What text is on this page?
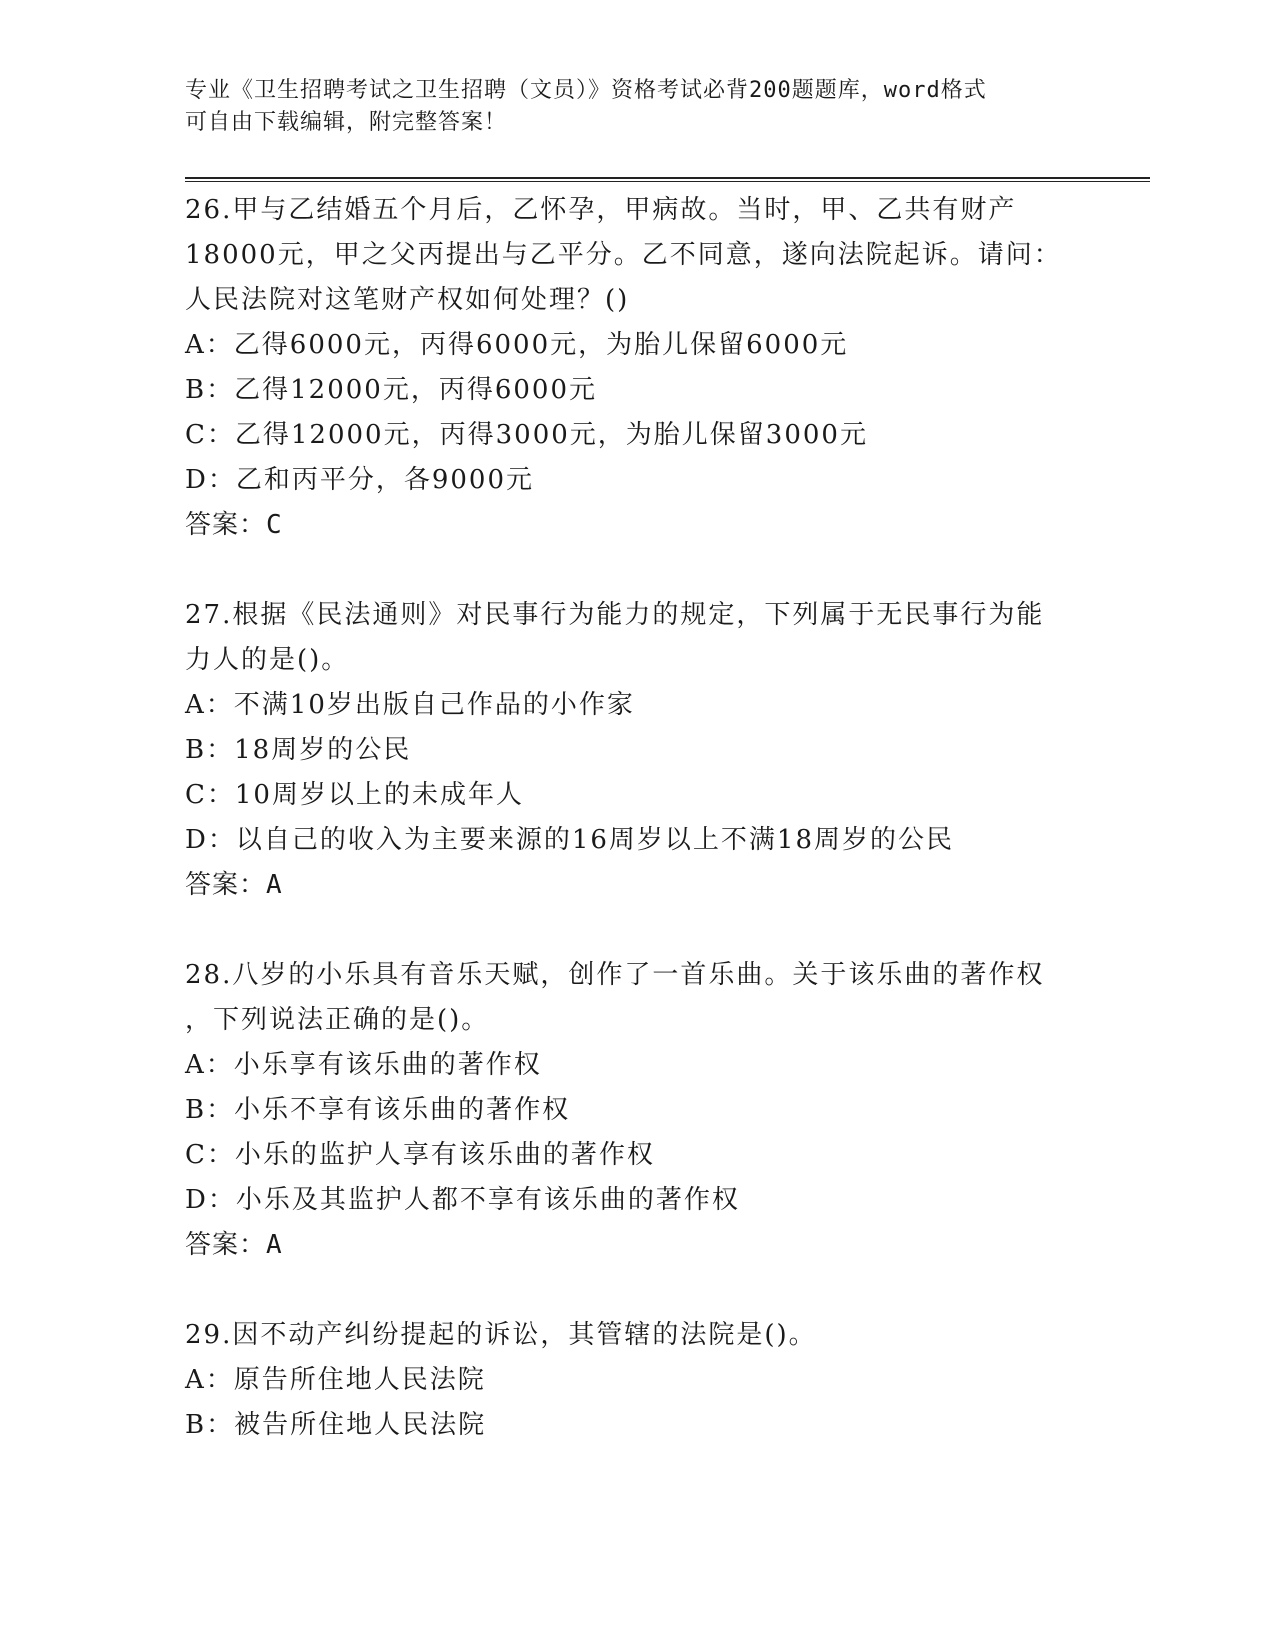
专业《卫生招聘考试之卫生招聘（文员）》资格考试必背200题题库，word格式
可自由下载编辑，附完整答案！
26.甲与乙结婚五个月后，乙怀孕，甲病故。当时，甲、乙共有财产
18000元，甲之父丙提出与乙平分。乙不同意，遂向法院起诉。请问：
人民法院对这笔财产权如何处理？()
A：乙得6000元，丙得6000元，为胎儿保留6000元
B：乙得12000元，丙得6000元
C：乙得12000元，丙得3000元，为胎儿保留3000元
D：乙和丙平分，各9000元
答案：C
27.根据《民法通则》对民事行为能力的规定，下列属于无民事行为能
力人的是()。
A：不满10岁出版自己作品的小作家
B：18周岁的公民
C：10周岁以上的未成年人
D：以自己的收入为主要来源的16周岁以上不满18周岁的公民
答案：A
28.八岁的小乐具有音乐天赋，创作了一首乐曲。关于该乐曲的著作权
，下列说法正确的是()。
A：小乐享有该乐曲的著作权
B：小乐不享有该乐曲的著作权
C：小乐的监护人享有该乐曲的著作权
D：小乐及其监护人都不享有该乐曲的著作权
答案：A
29.因不动产纠纷提起的诉讼，其管辖的法院是()。
A：原告所住地人民法院
B：被告所住地人民法院
